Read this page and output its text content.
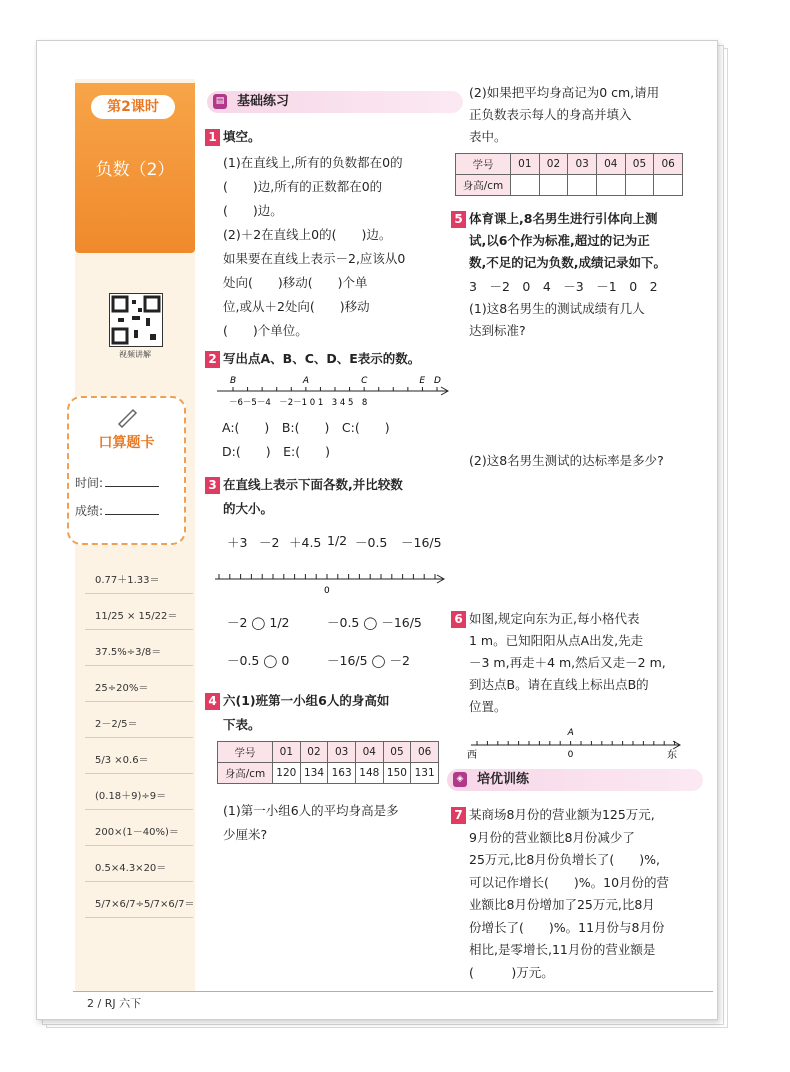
第2课时
负数（2）
视频讲解
口算题卡
时间:
成绩:
▤ 基础练习
1 填空。
2 写出点A、B、C、D、E表示的数。
B	A	C	E D
－6－5－4　－2－1 0 1　3 4 5　8
A:(　　)　 B:(　　)　 C:(　　)
D:(　　)　 E:(　　)
3 在直线上表示下面各数,并比较数
的大小。
0
－2 ◯ 1/2	－0.5 ◯ －16/5
－0.5 ◯ 0	－16/5 ◯ －2
4 六(1)班第一小组6人的身高如
下表。
学号	01	02	03	04	05	06
身高/cm	120	134	163	148	150	131
(1)第一小组6人的平均身高是多
少厘米?
学号	01	02	03	04	05	06
身高/cm						
3　－2　0　4　－3　－1　0　2
(1)这8名男生的测试成绩有几人
达到标准?
(2)这8名男生测试的达标率是多少?
A
0
西	东
◈ 培优训练
2 / RJ 六下
0.77＋1.33＝
11/25 × 15/22＝
37.5%÷3/8＝
25÷20%＝
2－2/5＝
5/3 ×0.6＝
(0.18＋9)÷9＝
200×(1－40%)＝
0.5×4.3×20＝
5/7×6/7÷5/7×6/7＝
(1)在直线上,所有的负数都在0的
(　　)边,所有的正数都在0的
(　　)边。
(2)＋2在直线上0的(　　)边。
如果要在直线上表示－2,应该从0
处向(　　)移动(　　)个单
位,或从＋2处向(　　)移动
(　　)个单位。
(2)如果把平均身高记为0 cm,请用
正负数表示每人的身高并填入
表中。
5 体育课上,8名男生进行引体向上测
试,以6个作为标准,超过的记为正
数,不足的记为负数,成绩记录如下。
6 如图,规定向东为正,每小格代表
1 m。已知阳阳从点A出发,先走
－3 m,再走＋4 m,然后又走－2 m,
到达点B。请在直线上标出点B的
位置。
7 某商场8月份的营业额为125万元,
9月份的营业额比8月份减少了
25万元,比8月份负增长了(　　)%,
可以记作增长(　　)%。10月份的营
业额比8月份增加了25万元,比8月
份增长了(　　)%。11月份与8月份
相比,是零增长,11月份的营业额是
(　　　)万元。
＋3 －2 ＋4.5 1/2 －0.5 －16/5
